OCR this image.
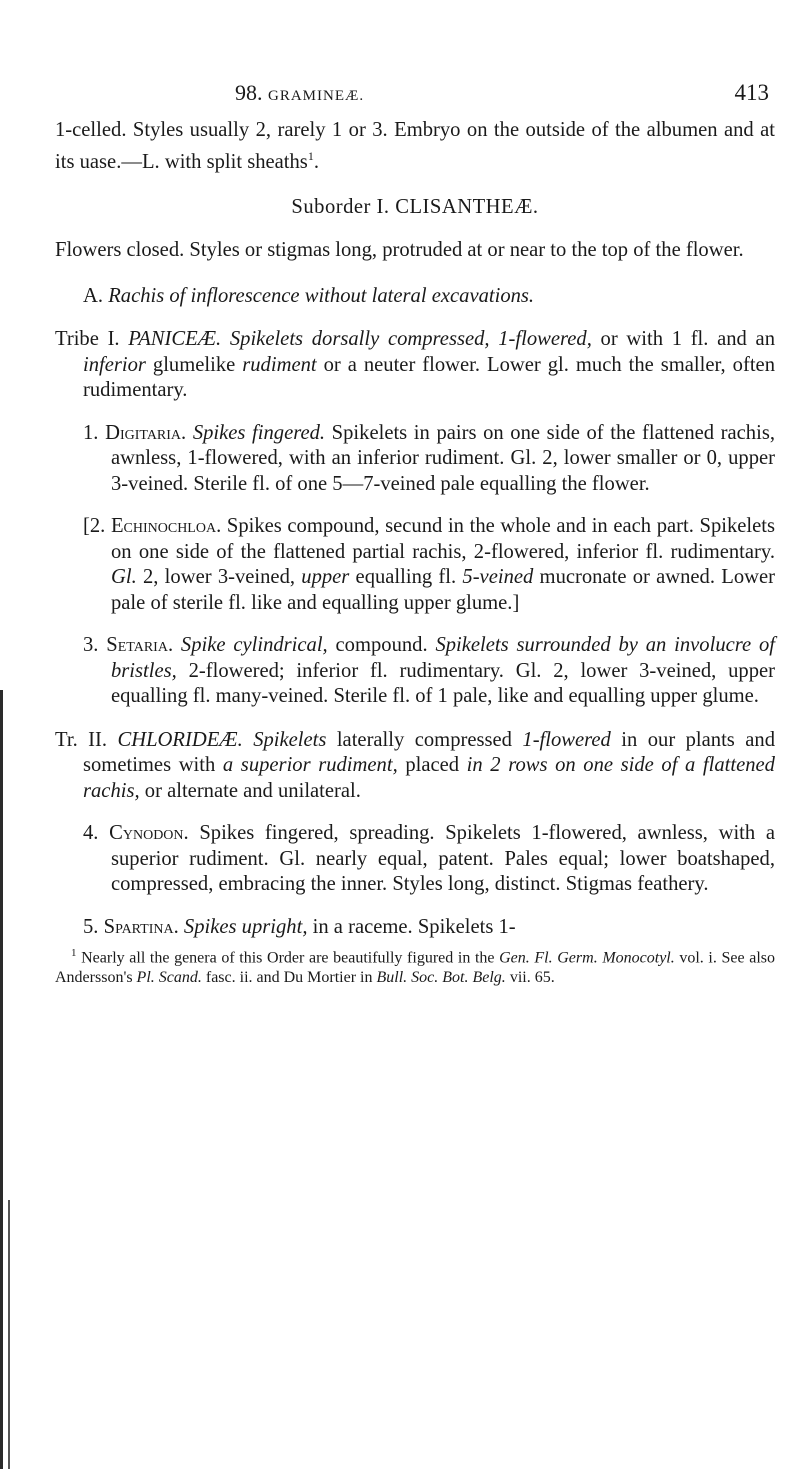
98. GRAMINEÆ.	413

1-celled. Styles usually 2, rarely 1 or 3. Embryo on the outside of the albumen and at its uase.—L. with split sheaths$^1$.

Suborder I. CLISANTHEÆ.

Flowers closed. Styles or stigmas long, protruded at or near to the top of the flower.

A. Rachis of inflorescence without lateral excavations.

Tribe I. PANICEÆ. Spikelets dorsally compressed, 1-flowered, or with 1 fl. and an inferior glumelike rudiment or a neuter flower. Lower gl. much the smaller, often rudimentary.

1. Digitaria. Spikes fingered. Spikelets in pairs on one side of the flattened rachis, awnless, 1-flowered, with an inferior rudiment. Gl. 2, lower smaller or 0, upper 3-veined. Sterile fl. of one 5—7-veined pale equalling the flower.

[2. Echinochloa. Spikes compound, secund in the whole and in each part. Spikelets on one side of the flattened partial rachis, 2-flowered, inferior fl. rudimentary. Gl. 2, lower 3-veined, upper equalling fl. 5-veined mucronate or awned. Lower pale of sterile fl. like and equalling upper glume.]

3. Setaria. Spike cylindrical, compound. Spikelets surrounded by an involucre of bristles, 2-flowered; inferior fl. rudimentary. Gl. 2, lower 3-veined, upper equalling fl. many-veined. Sterile fl. of 1 pale, like and equalling upper glume.

Tr. II. CHLORIDEÆ. Spikelets laterally compressed 1-flowered in our plants and sometimes with a superior rudiment, placed in 2 rows on one side of a flattened rachis, or alternate and unilateral.

4. Cynodon. Spikes fingered, spreading. Spikelets 1-flowered, awnless, with a superior rudiment. Gl. nearly equal, patent. Pales equal; lower boatshaped, compressed, embracing the inner. Styles long, distinct. Stigmas feathery.

5. Spartina. Spikes upright, in a raceme. Spikelets 1-

$^1$ Nearly all the genera of this Order are beautifully figured in the Gen. Fl. Germ. Monocotyl. vol. i. See also Andersson's Pl. Scand. fasc. ii. and Du Mortier in Bull. Soc. Bot. Belg. vii. 65.
